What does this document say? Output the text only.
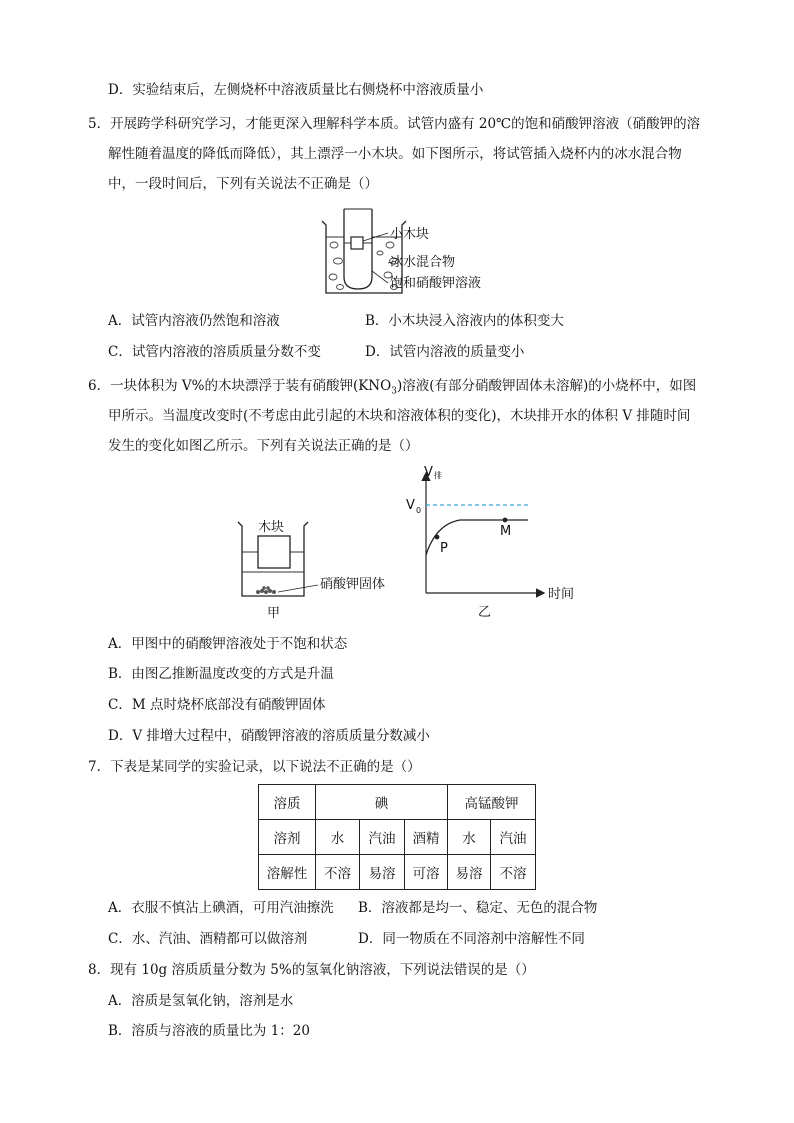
D．实验结束后，左侧烧杯中溶液质量比右侧烧杯中溶液质量小
5．开展跨学科研究学习，才能更深入理解科学本质。试管内盛有 20℃的饱和硝酸钾溶液（硝酸钾的溶
解性随着温度的降低而降低），其上漂浮一小木块。如下图所示，将试管插入烧杯内的冰水混合物
中，一段时间后，下列有关说法不正确是（）
小木块
冰水混合物
饱和硝酸钾溶液
A．试管内溶液仍然饱和溶液	B．小木块浸入溶液内的体积变大
C．试管内溶液的溶质质量分数不变	D．试管内溶液的质量变小
6．一块体积为 V%的木块漂浮于装有硝酸钾$(KNO_3)$溶液(有部分硝酸钾固体未溶解)的小烧杯中，如图
甲所示。当温度改变时(不考虑由此引起的木块和溶液体积的变化)，木块排开水的体积 V 排随时间
发生的变化如图乙所示。下列有关说法正确的是（）
木块
硝酸钾固体
甲
V 排
V 0
P
M
时间
乙
A．甲图中的硝酸钾溶液处于不饱和状态
B．由图乙推断温度改变的方式是升温
C．M 点时烧杯底部没有硝酸钾固体
D．V 排增大过程中，硝酸钾溶液的溶质质量分数减小
7．下表是某同学的实验记录，以下说法不正确的是（）
溶质	碘			高锰酸钾	
溶剂	水	汽油	酒精	水	汽油
溶解性	不溶	易溶	可溶	易溶	不溶
A．衣服不慎沾上碘酒，可用汽油擦洗 B．溶液都是均一、稳定、无色的混合物
C．水、汽油、酒精都可以做溶剂	D．同一物质在不同溶剂中溶解性不同
8．现有 10g 溶质质量分数为 5%的氢氧化钠溶液，下列说法错误的是（）
A．溶质是氢氧化钠，溶剂是水
B．溶质与溶液的质量比为 1：20
